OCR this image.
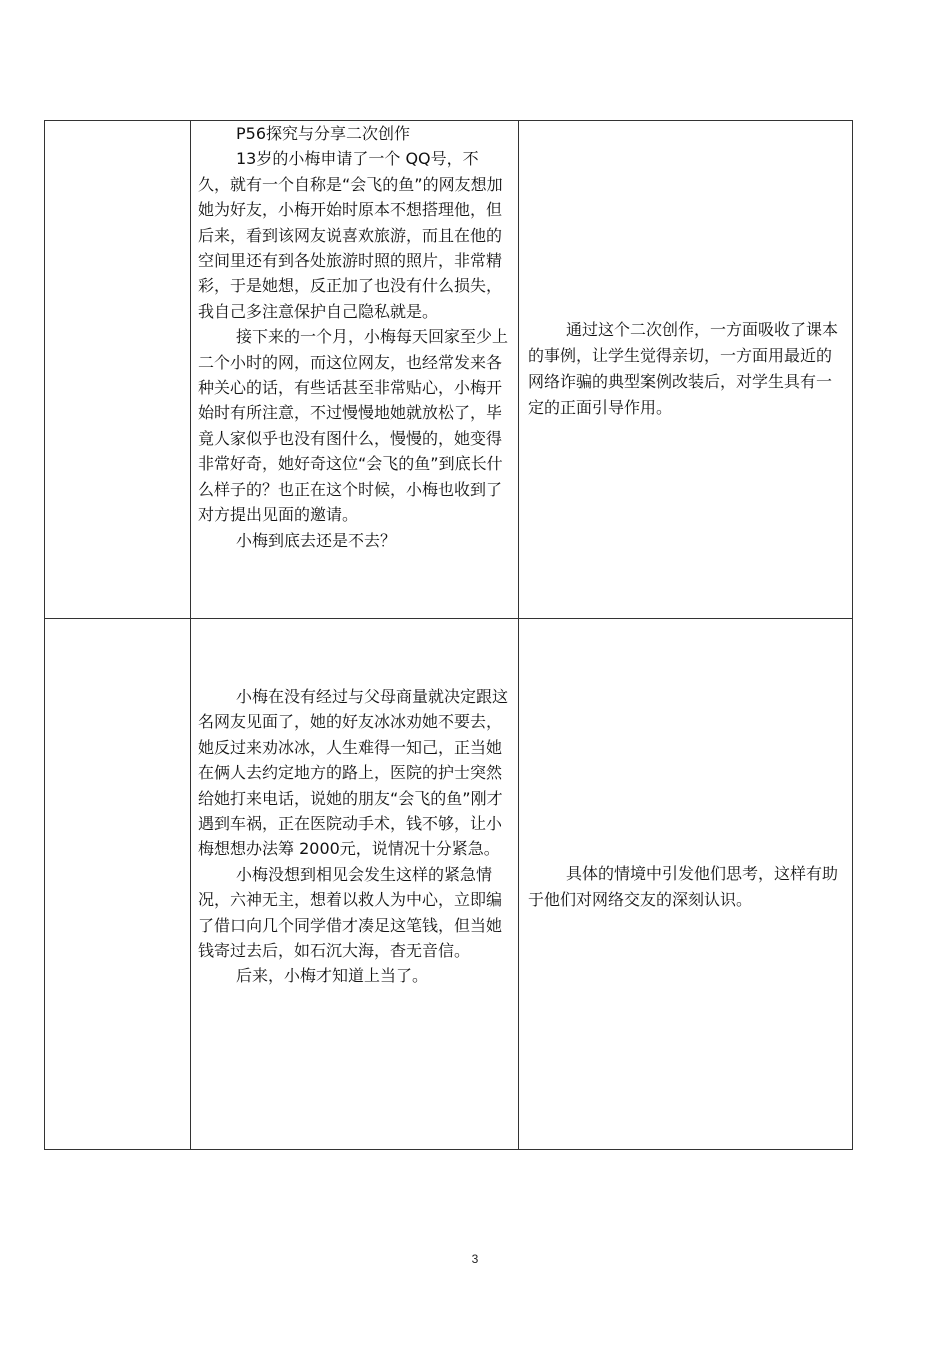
	P56探究与分享二次创作

13岁的小梅申请了一个 QQ号，不久，就有一个自称是“会飞的鱼”的网友想加她为好友，小梅开始时原本不想搭理他，但后来，看到该网友说喜欢旅游，而且在他的空间里还有到各处旅游时照的照片，非常精彩，于是她想，反正加了也没有什么损失，我自己多注意保护自己隐私就是。

接下来的一个月，小梅每天回家至少上二个小时的网，而这位网友，也经常发来各种关心的话，有些话甚至非常贴心，小梅开始时有所注意，不过慢慢地她就放松了，毕竟人家似乎也没有图什么，慢慢的，她变得非常好奇，她好奇这位“会飞的鱼”到底长什么样子的？也正在这个时候，小梅也收到了对方提出见面的邀请。

小梅到底去还是不去？	通过这个二次创作，一方面吸收了课本的事例，让学生觉得亲切，一方面用最近的网络诈骗的典型案例改装后，对学生具有一定的正面引导作用。

	小梅在没有经过与父母商量就决定跟这名网友见面了，她的好友冰冰劝她不要去，她反过来劝冰冰，人生难得一知己，正当她在俩人去约定地方的路上，医院的护士突然给她打来电话，说她的朋友“会飞的鱼”刚才遇到车祸，正在医院动手术，钱不够，让小梅想想办法筹 2000元，说情况十分紧急。

小梅没想到相见会发生这样的紧急情况，六神无主，想着以救人为中心，立即编了借口向几个同学借才凑足这笔钱，但当她钱寄过去后，如石沉大海，杳无音信。

后来，小梅才知道上当了。	具体的情境中引发他们思考，这样有助于他们对网络交友的深刻认识。

3
